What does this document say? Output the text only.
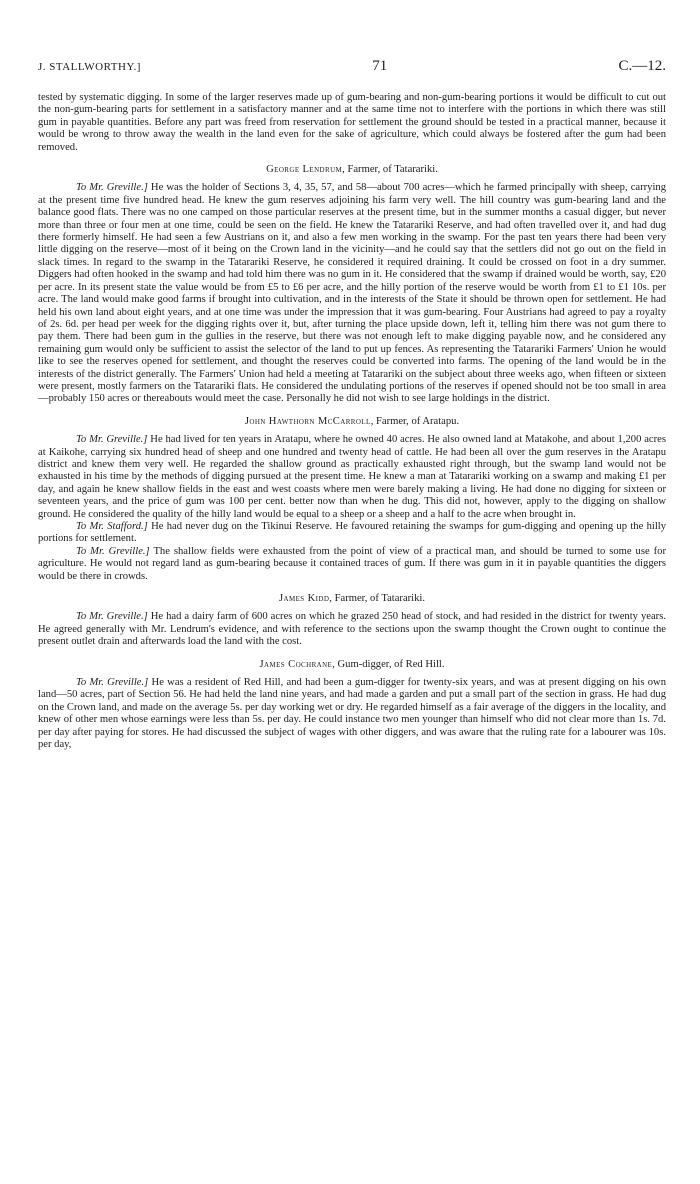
J. STALLWORTHY.]	71	C.—12.

tested by systematic digging. In some of the larger reserves made up of gum-bearing and non-gum-bearing portions it would be difficult to cut out the non-gum-bearing parts for settlement in a satisfactory manner and at the same time not to interfere with the portions in which there was still gum in payable quantities. Before any part was freed from reservation for settlement the ground should be tested in a practical manner, because it would be wrong to throw away the wealth in the land even for the sake of agriculture, which could always be fostered after the gum had been removed.

George Lendrum, Farmer, of Tatarariki.

To Mr. Greville.] He was the holder of Sections 3, 4, 35, 57, and 58—about 700 acres—which he farmed principally with sheep, carrying at the present time five hundred head. He knew the gum reserves adjoining his farm very well. The hill country was gum-bearing land and the balance good flats. There was no one camped on those particular reserves at the present time, but in the summer months a casual digger, but never more than three or four men at one time, could be seen on the field. He knew the Tatarariki Reserve, and had often travelled over it, and had dug there formerly himself. He had seen a few Austrians on it, and also a few men working in the swamp. For the past ten years there had been very little digging on the reserve—most of it being on the Crown land in the vicinity—and he could say that the settlers did not go out on the field in slack times. In regard to the swamp in the Tatarariki Reserve, he considered it required draining. It could be crossed on foot in a dry summer. Diggers had often hooked in the swamp and had told him there was no gum in it. He considered that the swamp if drained would be worth, say, £20 per acre. In its present state the value would be from £5 to £6 per acre, and the hilly portion of the reserve would be worth from £1 to £1 10s. per acre. The land would make good farms if brought into cultivation, and in the interests of the State it should be thrown open for settlement. He had held his own land about eight years, and at one time was under the impression that it was gum-bearing. Four Austrians had agreed to pay a royalty of 2s. 6d. per head per week for the digging rights over it, but, after turning the place upside down, left it, telling him there was not gum there to pay them. There had been gum in the gullies in the reserve, but there was not enough left to make digging payable now, and he considered any remaining gum would only be sufficient to assist the selector of the land to put up fences. As representing the Tatarariki Farmers' Union he would like to see the reserves opened for settlement, and thought the reserves could be converted into farms. The opening of the land would be in the interests of the district generally. The Farmers' Union had held a meeting at Tatarariki on the subject about three weeks ago, when fifteen or sixteen were present, mostly farmers on the Tatarariki flats. He considered the undulating portions of the reserves if opened should not be too small in area—probably 150 acres or thereabouts would meet the case. Personally he did not wish to see large holdings in the district.

John Hawthorn McCarroll, Farmer, of Aratapu.

To Mr. Greville.] He had lived for ten years in Aratapu, where he owned 40 acres. He also owned land at Matakohe, and about 1,200 acres at Kaikohe, carrying six hundred head of sheep and one hundred and twenty head of cattle. He had been all over the gum reserves in the Aratapu district and knew them very well. He regarded the shallow ground as practically exhausted right through, but the swamp land would not be exhausted in his time by the methods of digging pursued at the present time. He knew a man at Tatarariki working on a swamp and making £1 per day, and again he knew shallow fields in the east and west coasts where men were barely making a living. He had done no digging for sixteen or seventeen years, and the price of gum was 100 per cent. better now than when he dug. This did not, however, apply to the digging on shallow ground. He considered the quality of the hilly land would be equal to a sheep or a sheep and a half to the acre when brought in.

To Mr. Stafford.] He had never dug on the Tikinui Reserve. He favoured retaining the swamps for gum-digging and opening up the hilly portions for settlement.

To Mr. Greville.] The shallow fields were exhausted from the point of view of a practical man, and should be turned to some use for agriculture. He would not regard land as gum-bearing because it contained traces of gum. If there was gum in it in payable quantities the diggers would be there in crowds.

James Kidd, Farmer, of Tatarariki.

To Mr. Greville.] He had a dairy farm of 600 acres on which he grazed 250 head of stock, and had resided in the district for twenty years. He agreed generally with Mr. Lendrum's evidence, and with reference to the sections upon the swamp thought the Crown ought to continue the present outlet drain and afterwards load the land with the cost.

James Cochrane, Gum-digger, of Red Hill.

To Mr. Greville.] He was a resident of Red Hill, and had been a gum-digger for twenty-six years, and was at present digging on his own land—50 acres, part of Section 56. He had held the land nine years, and had made a garden and put a small part of the section in grass. He had dug on the Crown land, and made on the average 5s. per day working wet or dry. He regarded himself as a fair average of the diggers in the locality, and knew of other men whose earnings were less than 5s. per day. He could instance two men younger than himself who did not clear more than 1s. 7d. per day after paying for stores. He had discussed the subject of wages with other diggers, and was aware that the ruling rate for a labourer was 10s. per day,
